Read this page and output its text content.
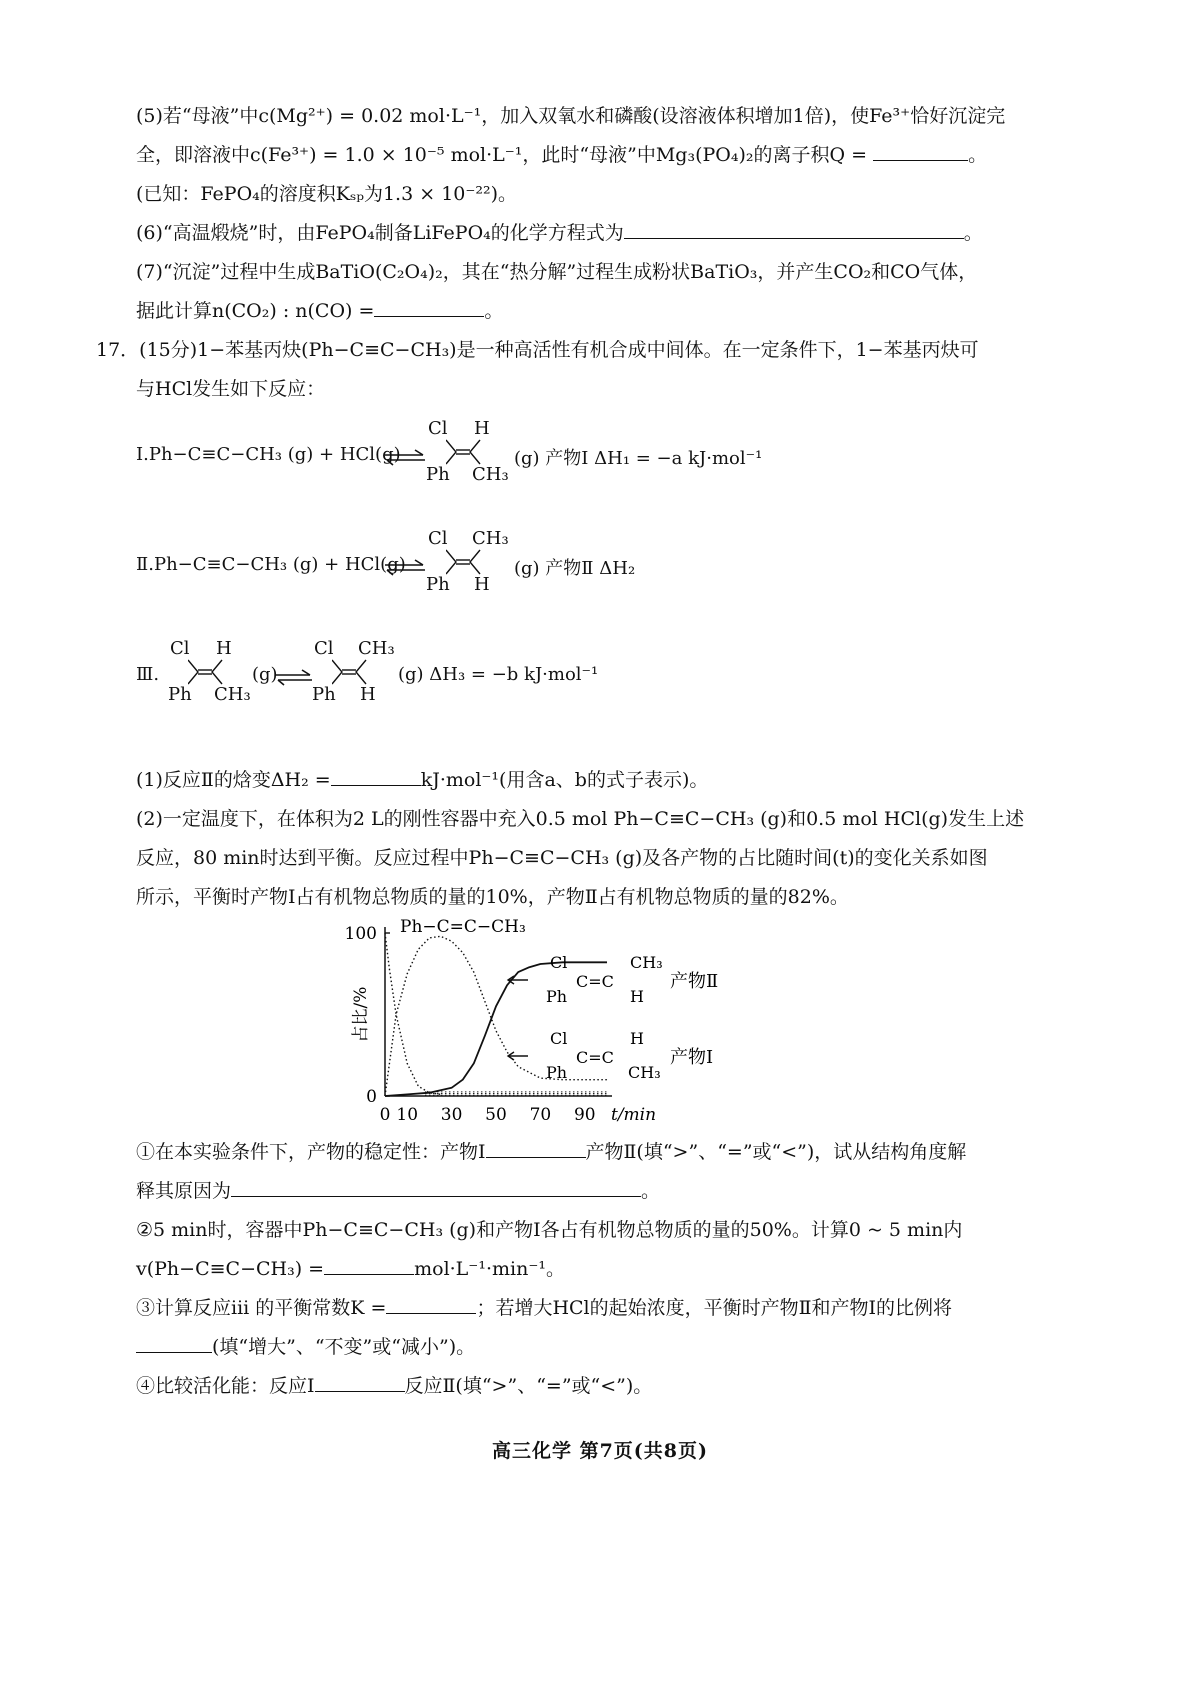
(5)若“母液”中c(Mg²⁺) = 0.02 mol·L⁻¹，加入双氧水和磷酸(设溶液体积增加1倍)，使Fe³⁺恰好沉淀完
全，即溶液中c(Fe³⁺) = 1.0 × 10⁻⁵ mol·L⁻¹，此时“母液”中Mg₃(PO₄)₂的离子积Q =	。
(已知：FePO₄的溶度积Kₛₚ为1.3 × 10⁻²²)。
(6)“高温煅烧”时，由FePO₄制备LiFePO₄的化学方程式为	。
(7)“沉淀”过程中生成BaTiO(C₂O₄)₂，其在“热分解”过程生成粉状BaTiO₃，并产生CO₂和CO气体，
据此计算n(CO₂) : n(CO) =	。
17．(15分)1−苯基丙炔(Ph−C≡C−CH₃)是一种高活性有机合成中间体。在一定条件下，1−苯基丙炔可
与HCl发生如下反应：
Ⅰ.Ph−C≡C−CH₃ (g) + HCl(g)
Cl H
Ph CH₃
(g) 产物Ⅰ ΔH₁ = −a kJ·mol⁻¹
Ⅱ.Ph−C≡C−CH₃ (g) + HCl(g)
Cl CH₃
Ph H
(g) 产物Ⅱ ΔH₂
Ⅲ.
Cl H
Ph CH₃
(g)
Cl CH₃
Ph H
(g) ΔH₃ = −b kJ·mol⁻¹
(1)反应Ⅱ的焓变ΔH₂ =	kJ·mol⁻¹(用含a、b的式子表示)。
(2)一定温度下，在体积为2 L的刚性容器中充入0.5 mol Ph−C≡C−CH₃ (g)和0.5 mol HCl(g)发生上述
反应，80 min时达到平衡。反应过程中Ph−C≡C−CH₃ (g)及各产物的占比随时间(t)的变化关系如图
所示，平衡时产物Ⅰ占有机物总物质的量的10%，产物Ⅱ占有机物总物质的量的82%。
0
100
0 10 30 50 70 90 t/min
占比/%
Ph−C=C−CH₃
Cl	CH₃
C=C
Ph	H
产物Ⅱ
Cl	H
C=C
Ph	CH₃
产物Ⅰ
①在本实验条件下，产物的稳定性：产物Ⅰ	产物Ⅱ(填“>”、“=”或“<”)，试从结构角度解
释其原因为	。
②5 min时，容器中Ph−C≡C−CH₃ (g)和产物Ⅰ各占有机物总物质的量的50%。计算0 ~ 5 min内
v(Ph−C≡C−CH₃) =	mol·L⁻¹·min⁻¹。
③计算反应ⅲ 的平衡常数K =	；若增大HCl的起始浓度，平衡时产物Ⅱ和产物Ⅰ的比例将
(填“增大”、“不变”或“减小”)。
④比较活化能：反应Ⅰ	反应Ⅱ(填“>”、“=”或“<”)。
高三化学 第7页(共8页)
